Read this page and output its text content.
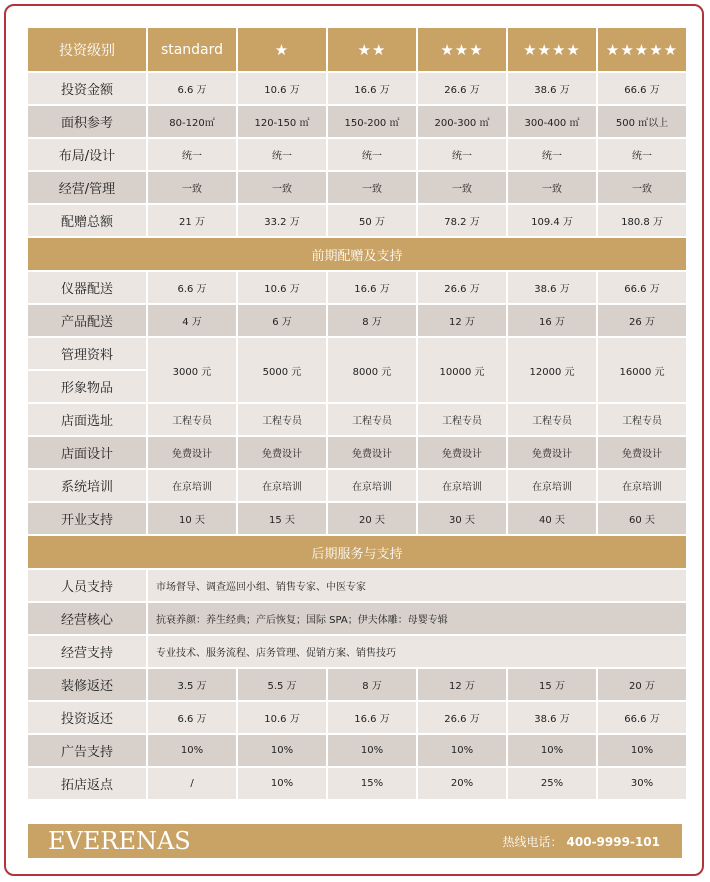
投资级别	standard	★	★★	★★★	★★★★	★★★★★
投资金额	6.6 万	10.6 万	16.6 万	26.6 万	38.6 万	66.6 万
面积参考	80-120㎡	120-150 ㎡	150-200 ㎡	200-300 ㎡	300-400 ㎡	500 ㎡以上
布局/设计	统一	统一	统一	统一	统一	统一
经营/管理	一致	一致	一致	一致	一致	一致
配赠总额	21 万	33.2 万	50 万	78.2 万	109.4 万	180.8 万
前期配赠及支持						
仪器配送	6.6 万	10.6 万	16.6 万	26.6 万	38.6 万	66.6 万
产品配送	4 万	6 万	8 万	12 万	16 万	26 万
管理资料	3000 元	5000 元	8000 元	10000 元	12000 元	16000 元
形象物品						
店面选址	工程专员	工程专员	工程专员	工程专员	工程专员	工程专员
店面设计	免费设计	免费设计	免费设计	免费设计	免费设计	免费设计
系统培训	在京培训	在京培训	在京培训	在京培训	在京培训	在京培训
开业支持	10 天	15 天	20 天	30 天	40 天	60 天
后期服务与支持						
人员支持	市场督导、调查巡回小组、销售专家、中医专家					
经营核心	抗衰养颜：养生经典；产后恢复；国际 SPA；伊夫体雕：母婴专辑					
经营支持	专业技术、服务流程、店务管理、促销方案、销售技巧					
装修返还	3.5 万	5.5 万	8 万	12 万	15 万	20 万
投资返还	6.6 万	10.6 万	16.6 万	26.6 万	38.6 万	66.6 万
广告支持	10%	10%	10%	10%	10%	10%
拓店返点	/	10%	15%	20%	25%	30%
EVERENAS	热线电话： 400-9999-101
